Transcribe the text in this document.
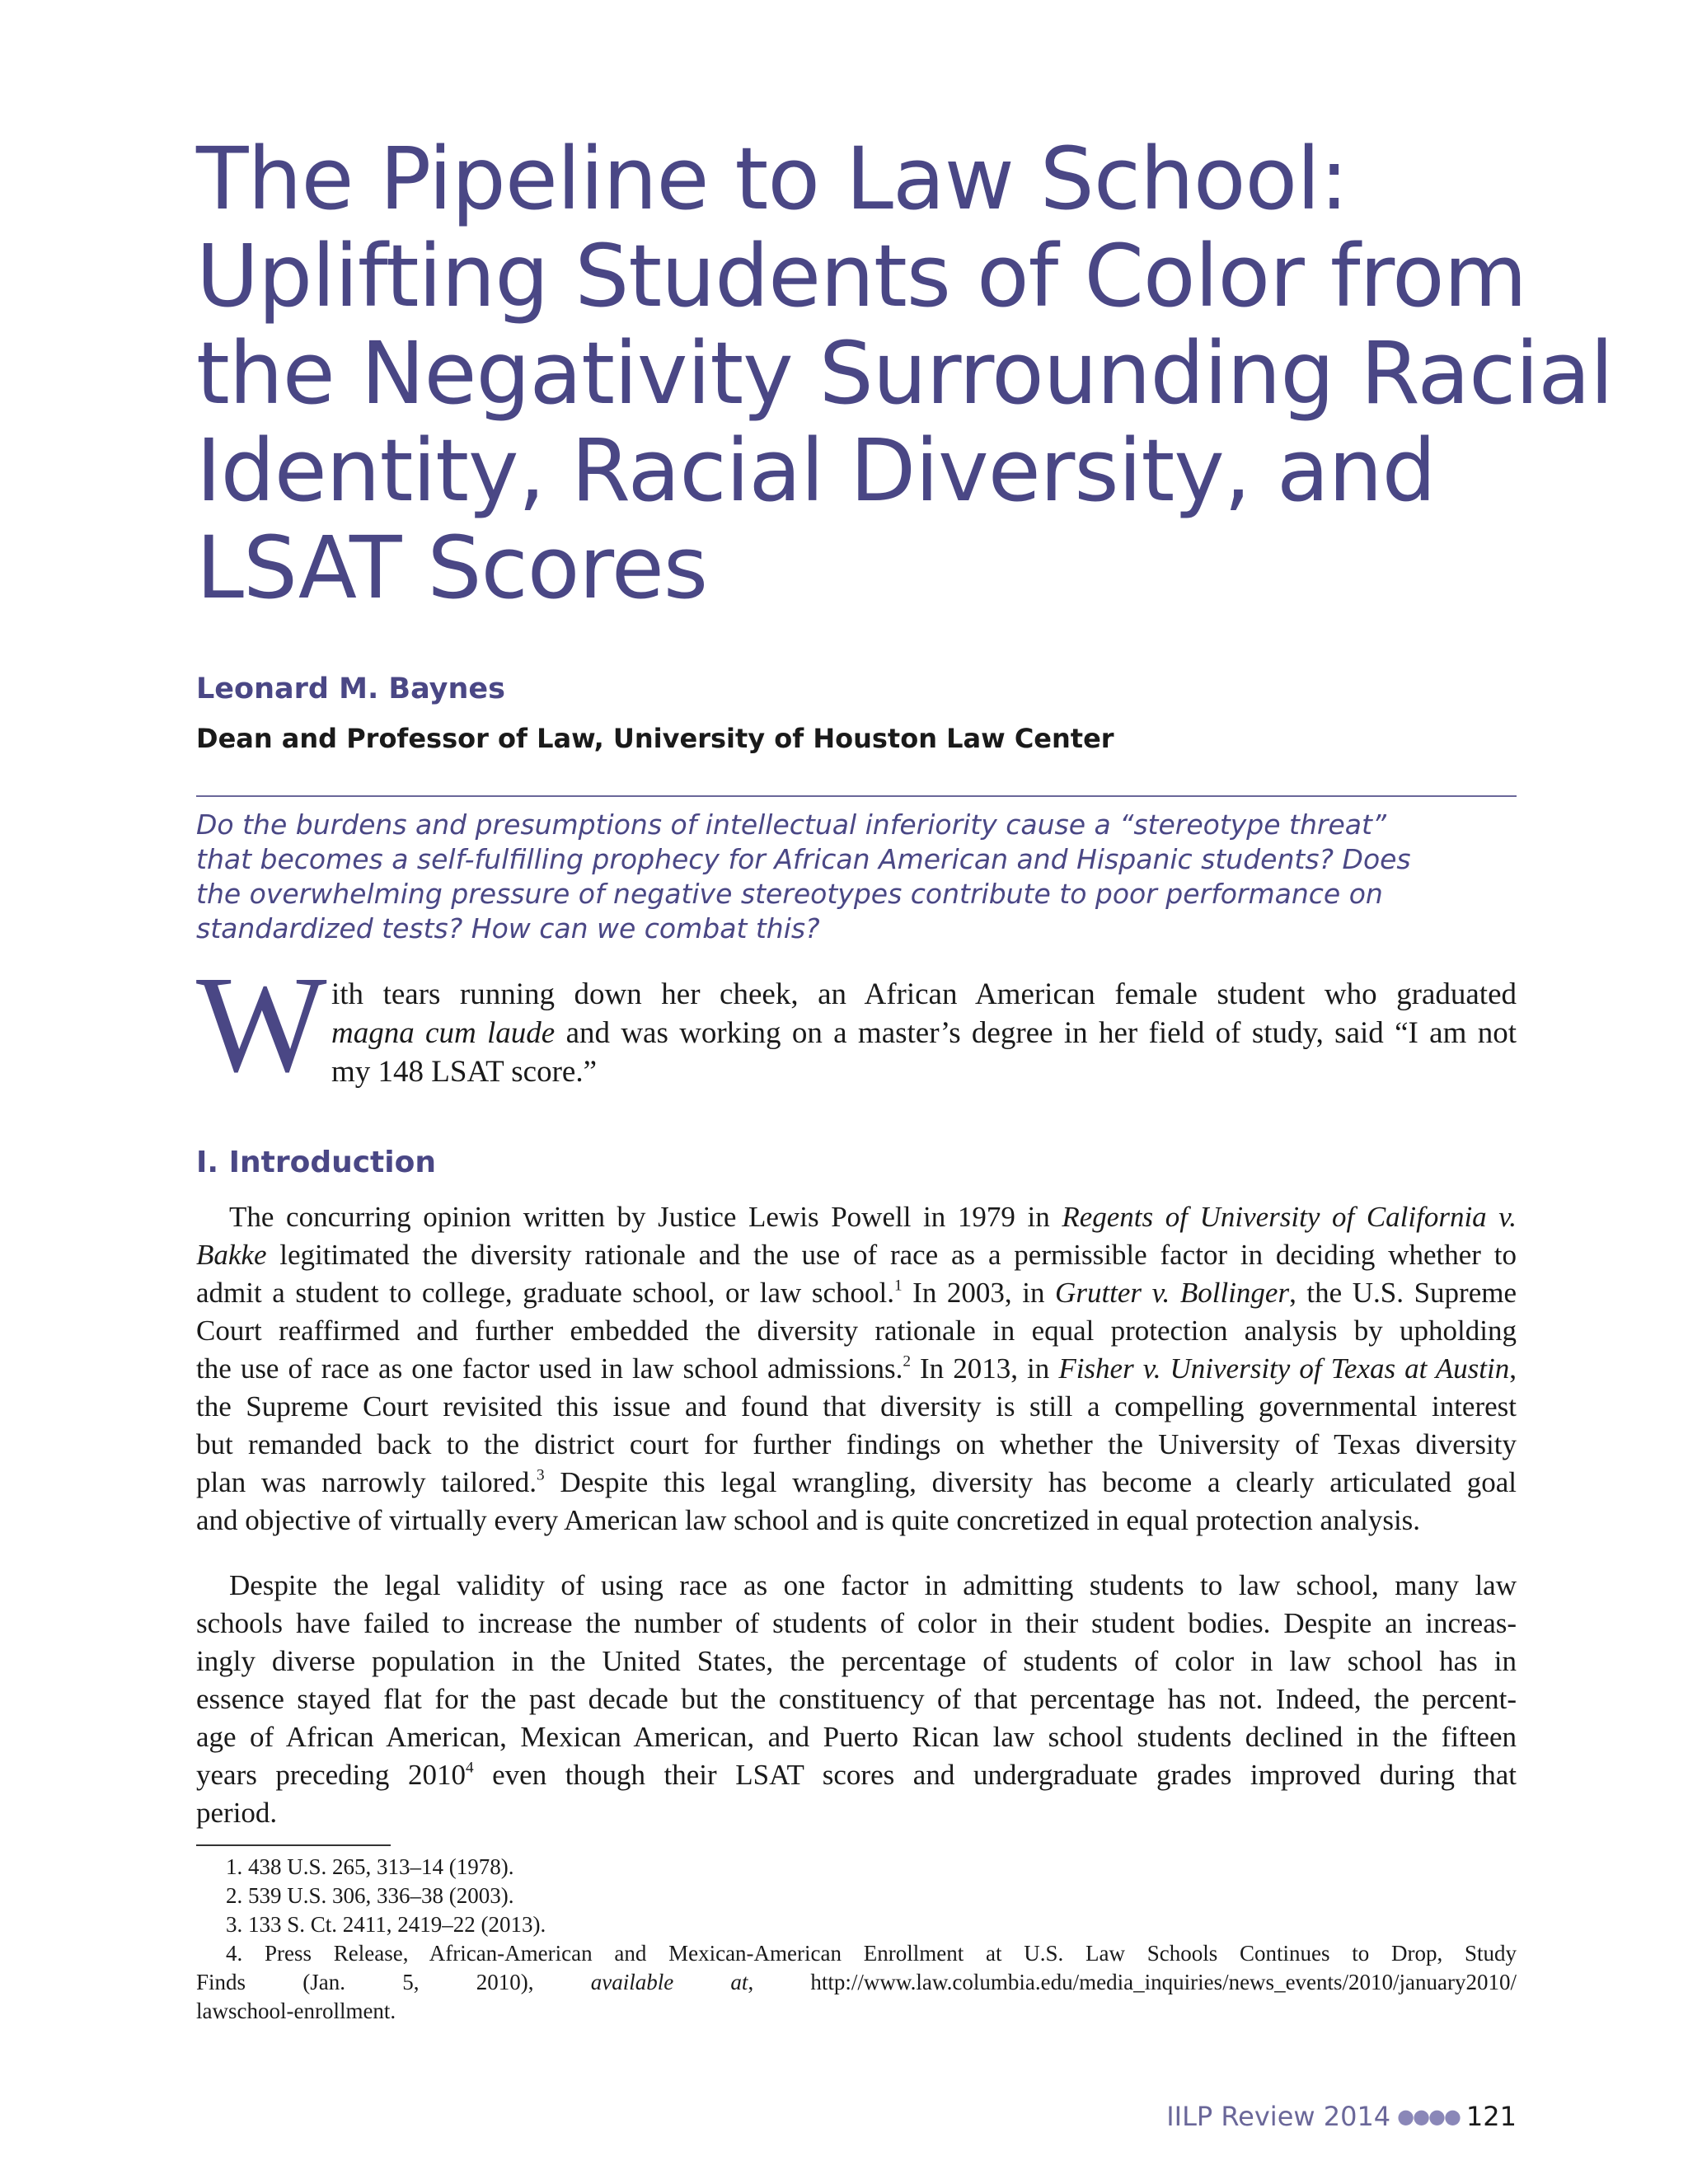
The Pipeline to Law School:
Uplifting Students of Color from
the Negativity Surrounding Racial
Identity, Racial Diversity, and
LSAT Scores
Leonard M. Baynes
Dean and Professor of Law, University of Houston Law Center
Do the burdens and presumptions of intellectual inferiority cause a “stereotype threat”
that becomes a self-fulfilling prophecy for African American and Hispanic students? Does
the overwhelming pressure of negative stereotypes contribute to poor performance on
standardized tests? How can we combat this?
W ith tears running down her cheek, an African American female student who graduated
magna cum laude and was working on a master’s degree in her field of study, said “I am not
my 148 LSAT score.”
I. Introduction
The concurring opinion written by Justice Lewis Powell in 1979 in Regents of University of California v.
Bakke legitimated the diversity rationale and the use of race as a permissible factor in deciding whether to
admit a student to college, graduate school, or law school.$^1$ In 2003, in Grutter v. Bollinger, the U.S. Supreme
Court reaffirmed and further embedded the diversity rationale in equal protection analysis by upholding
the use of race as one factor used in law school admissions.$^2$ In 2013, in Fisher v. University of Texas at Austin,
the Supreme Court revisited this issue and found that diversity is still a compelling governmental interest
but remanded back to the district court for further findings on whether the University of Texas diversity
plan was narrowly tailored.$^3$ Despite this legal wrangling, diversity has become a clearly articulated goal
and objective of virtually every American law school and is quite concretized in equal protection analysis.
Despite the legal validity of using race as one factor in admitting students to law school, many law
schools have failed to increase the number of students of color in their student bodies. Despite an increas-
ingly diverse population in the United States, the percentage of students of color in law school has in
essence stayed flat for the past decade but the constituency of that percentage has not. Indeed, the percent-
age of African American, Mexican American, and Puerto Rican law school students declined in the fifteen
years preceding 2010$^4$ even though their LSAT scores and undergraduate grades improved during that
period.
1. 438 U.S. 265, 313–14 (1978).
2. 539 U.S. 306, 336–38 (2003).
3. 133 S. Ct. 2411, 2419–22 (2013).
4. Press Release, African-American and Mexican-American Enrollment at U.S. Law Schools Continues to Drop, Study
Finds (Jan. 5, 2010), available at, http://www.law.columbia.edu/media_inquiries/news_events/2010/january2010/
lawschool-enrollment.
IILP Review 2014 ●●●● 121
